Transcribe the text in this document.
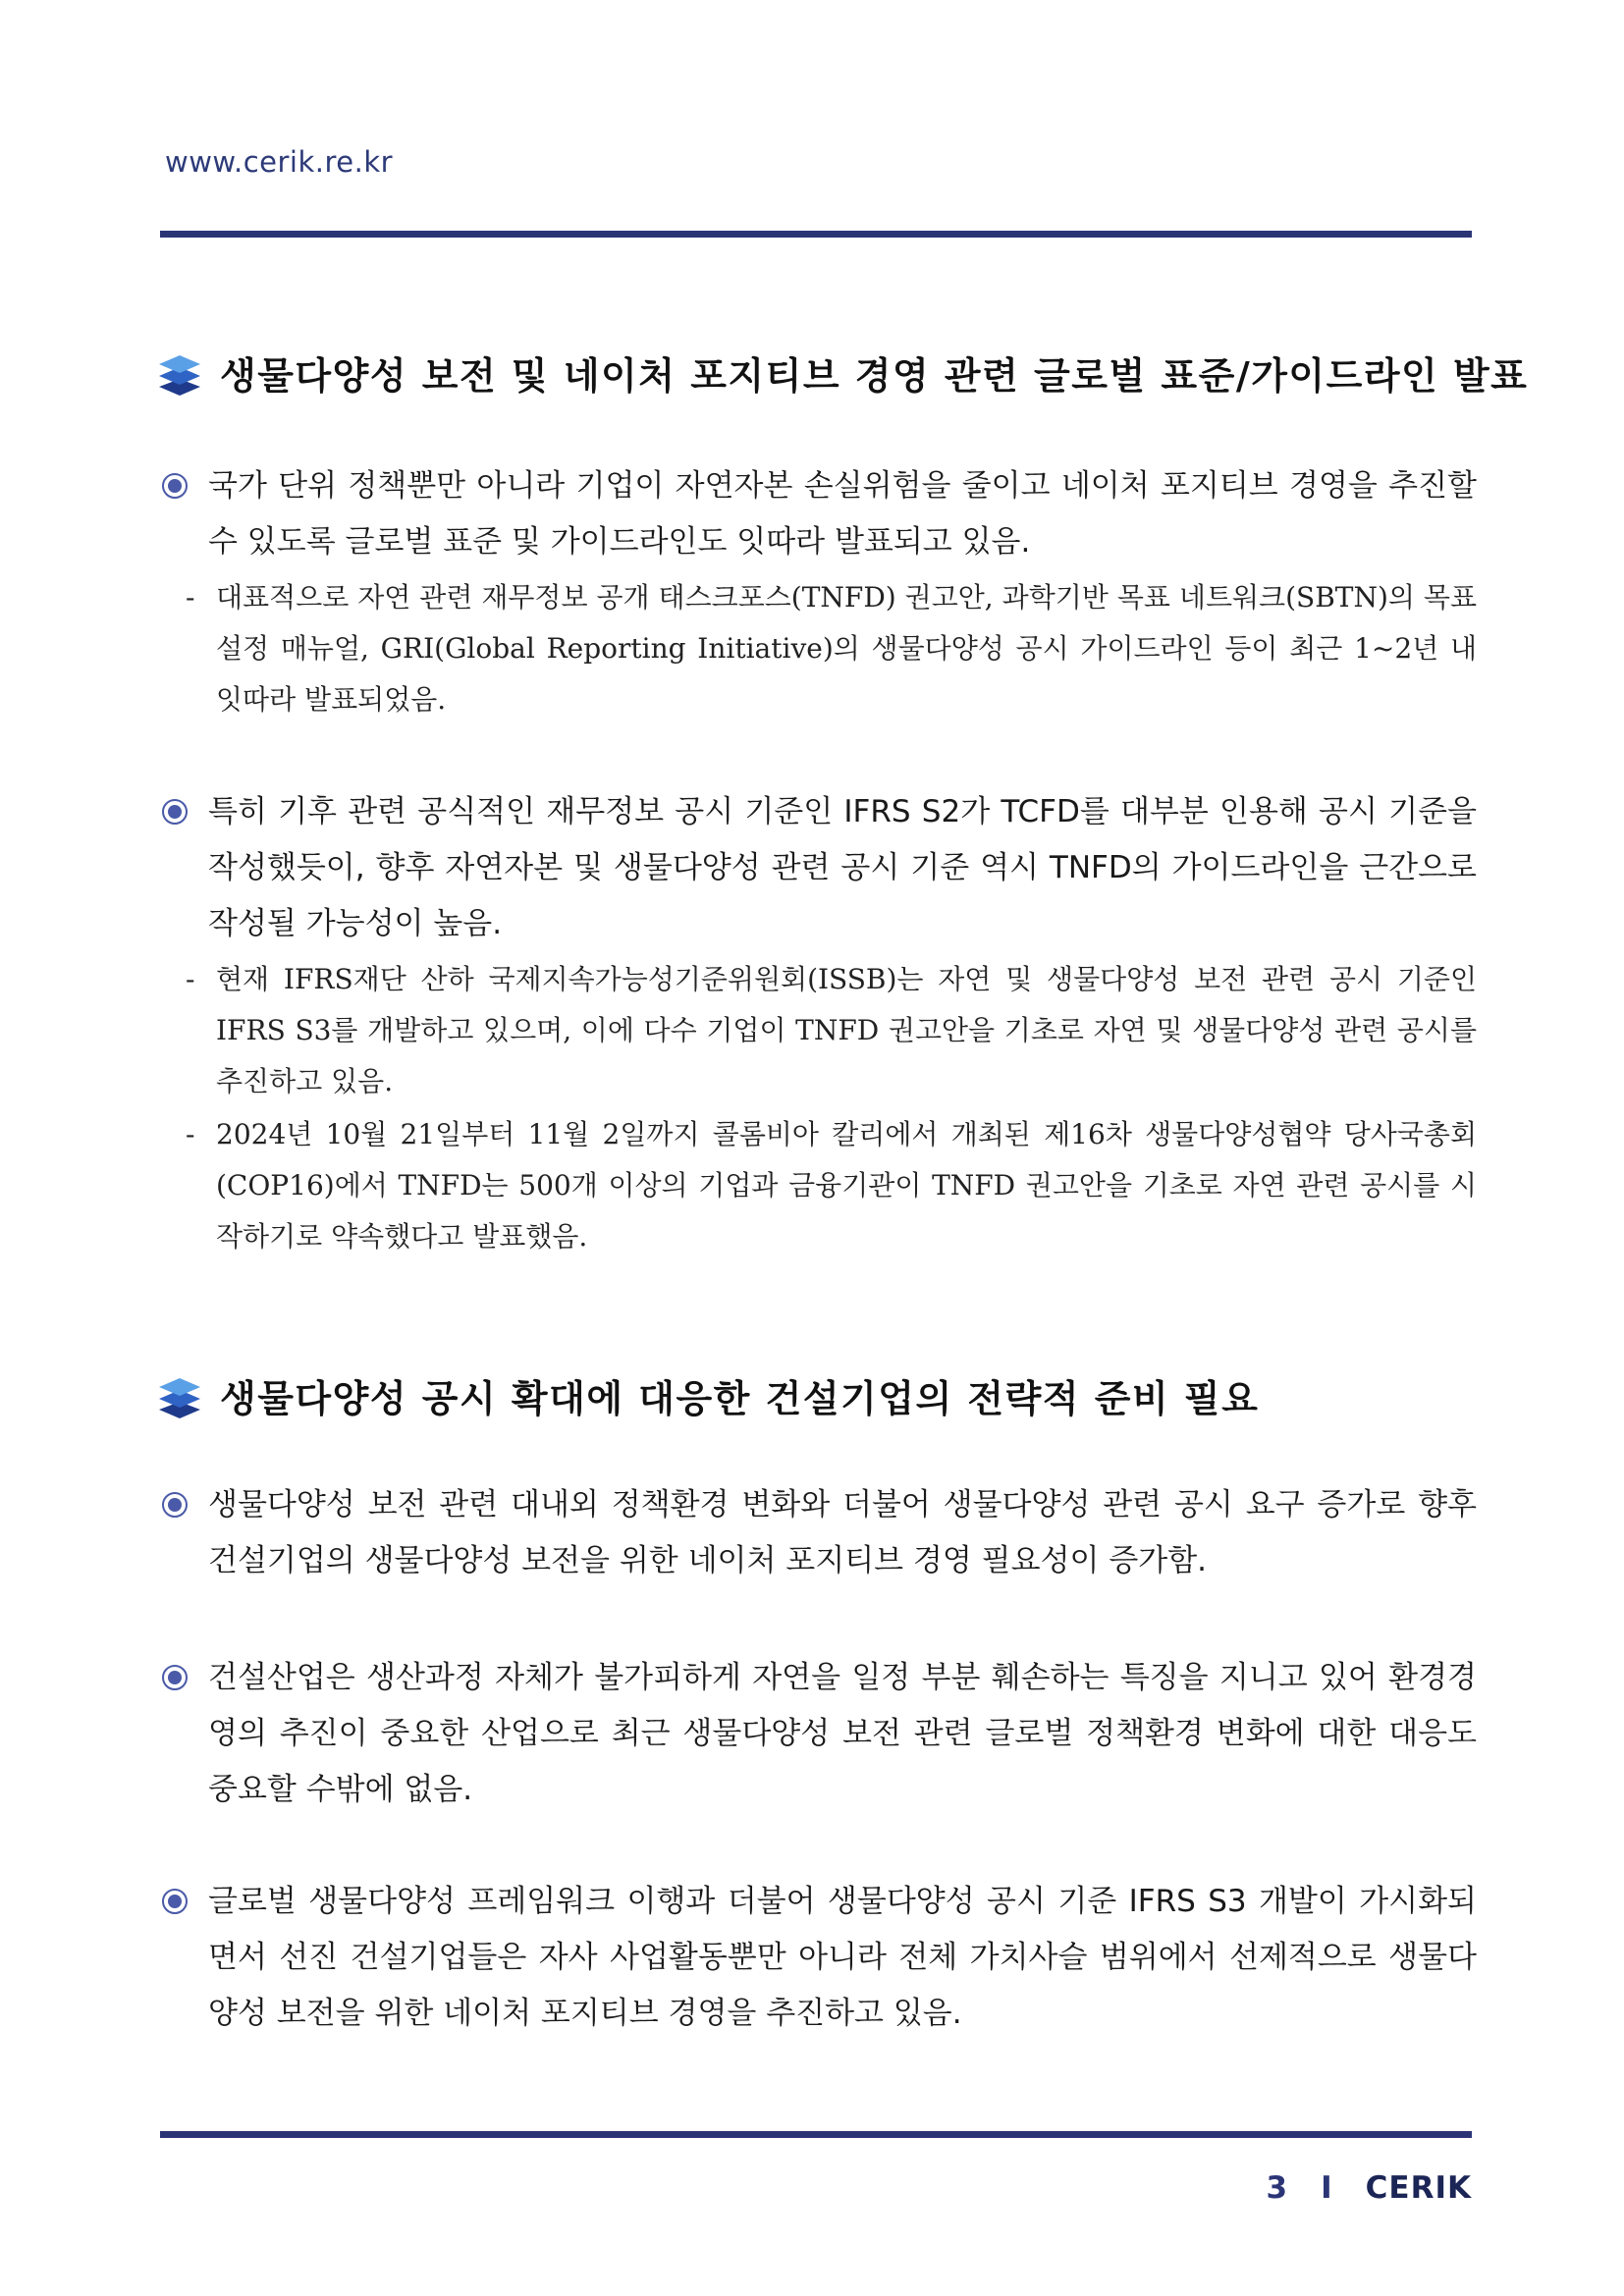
www.cerik.re.kr
생물다양성 보전 및 네이처 포지티브 경영 관련 글로벌 표준/가이드라인 발표
국가 단위 정책뿐만 아니라 기업이 자연자본 손실위험을 줄이고 네이처 포지티브 경영을 추진할 수 있도록 글로벌 표준 및 가이드라인도 잇따라 발표되고 있음.
- 대표적으로 자연 관련 재무정보 공개 태스크포스(TNFD) 권고안, 과학기반 목표 네트워크(SBTN)의 목표 설정 매뉴얼, GRI(Global Reporting Initiative)의 생물다양성 공시 가이드라인 등이 최근 1~2년 내 잇따라 발표되었음.
특히 기후 관련 공식적인 재무정보 공시 기준인 IFRS S2가 TCFD를 대부분 인용해 공시 기준을 작성했듯이, 향후 자연자본 및 생물다양성 관련 공시 기준 역시 TNFD의 가이드라인을 근간으로 작성될 가능성이 높음.
- 현재 IFRS재단 산하 국제지속가능성기준위원회(ISSB)는 자연 및 생물다양성 보전 관련 공시 기준인 IFRS S3를 개발하고 있으며, 이에 다수 기업이 TNFD 권고안을 기초로 자연 및 생물다양성 관련 공시를 추진하고 있음.
- 2024년 10월 21일부터 11월 2일까지 콜롬비아 칼리에서 개최된 제16차 생물다양성협약 당사국총회(COP16)에서 TNFD는 500개 이상의 기업과 금융기관이 TNFD 권고안을 기초로 자연 관련 공시를 시작하기로 약속했다고 발표했음.
생물다양성 공시 확대에 대응한 건설기업의 전략적 준비 필요
생물다양성 보전 관련 대내외 정책환경 변화와 더불어 생물다양성 관련 공시 요구 증가로 향후 건설기업의 생물다양성 보전을 위한 네이처 포지티브 경영 필요성이 증가함.
건설산업은 생산과정 자체가 불가피하게 자연을 일정 부분 훼손하는 특징을 지니고 있어 환경경영의 추진이 중요한 산업으로 최근 생물다양성 보전 관련 글로벌 정책환경 변화에 대한 대응도 중요할 수밖에 없음.
글로벌 생물다양성 프레임워크 이행과 더불어 생물다양성 공시 기준 IFRS S3 개발이 가시화되면서 선진 건설기업들은 자사 사업활동뿐만 아니라 전체 가치사슬 범위에서 선제적으로 생물다양성 보전을 위한 네이처 포지티브 경영을 추진하고 있음.
3 I CERIK
